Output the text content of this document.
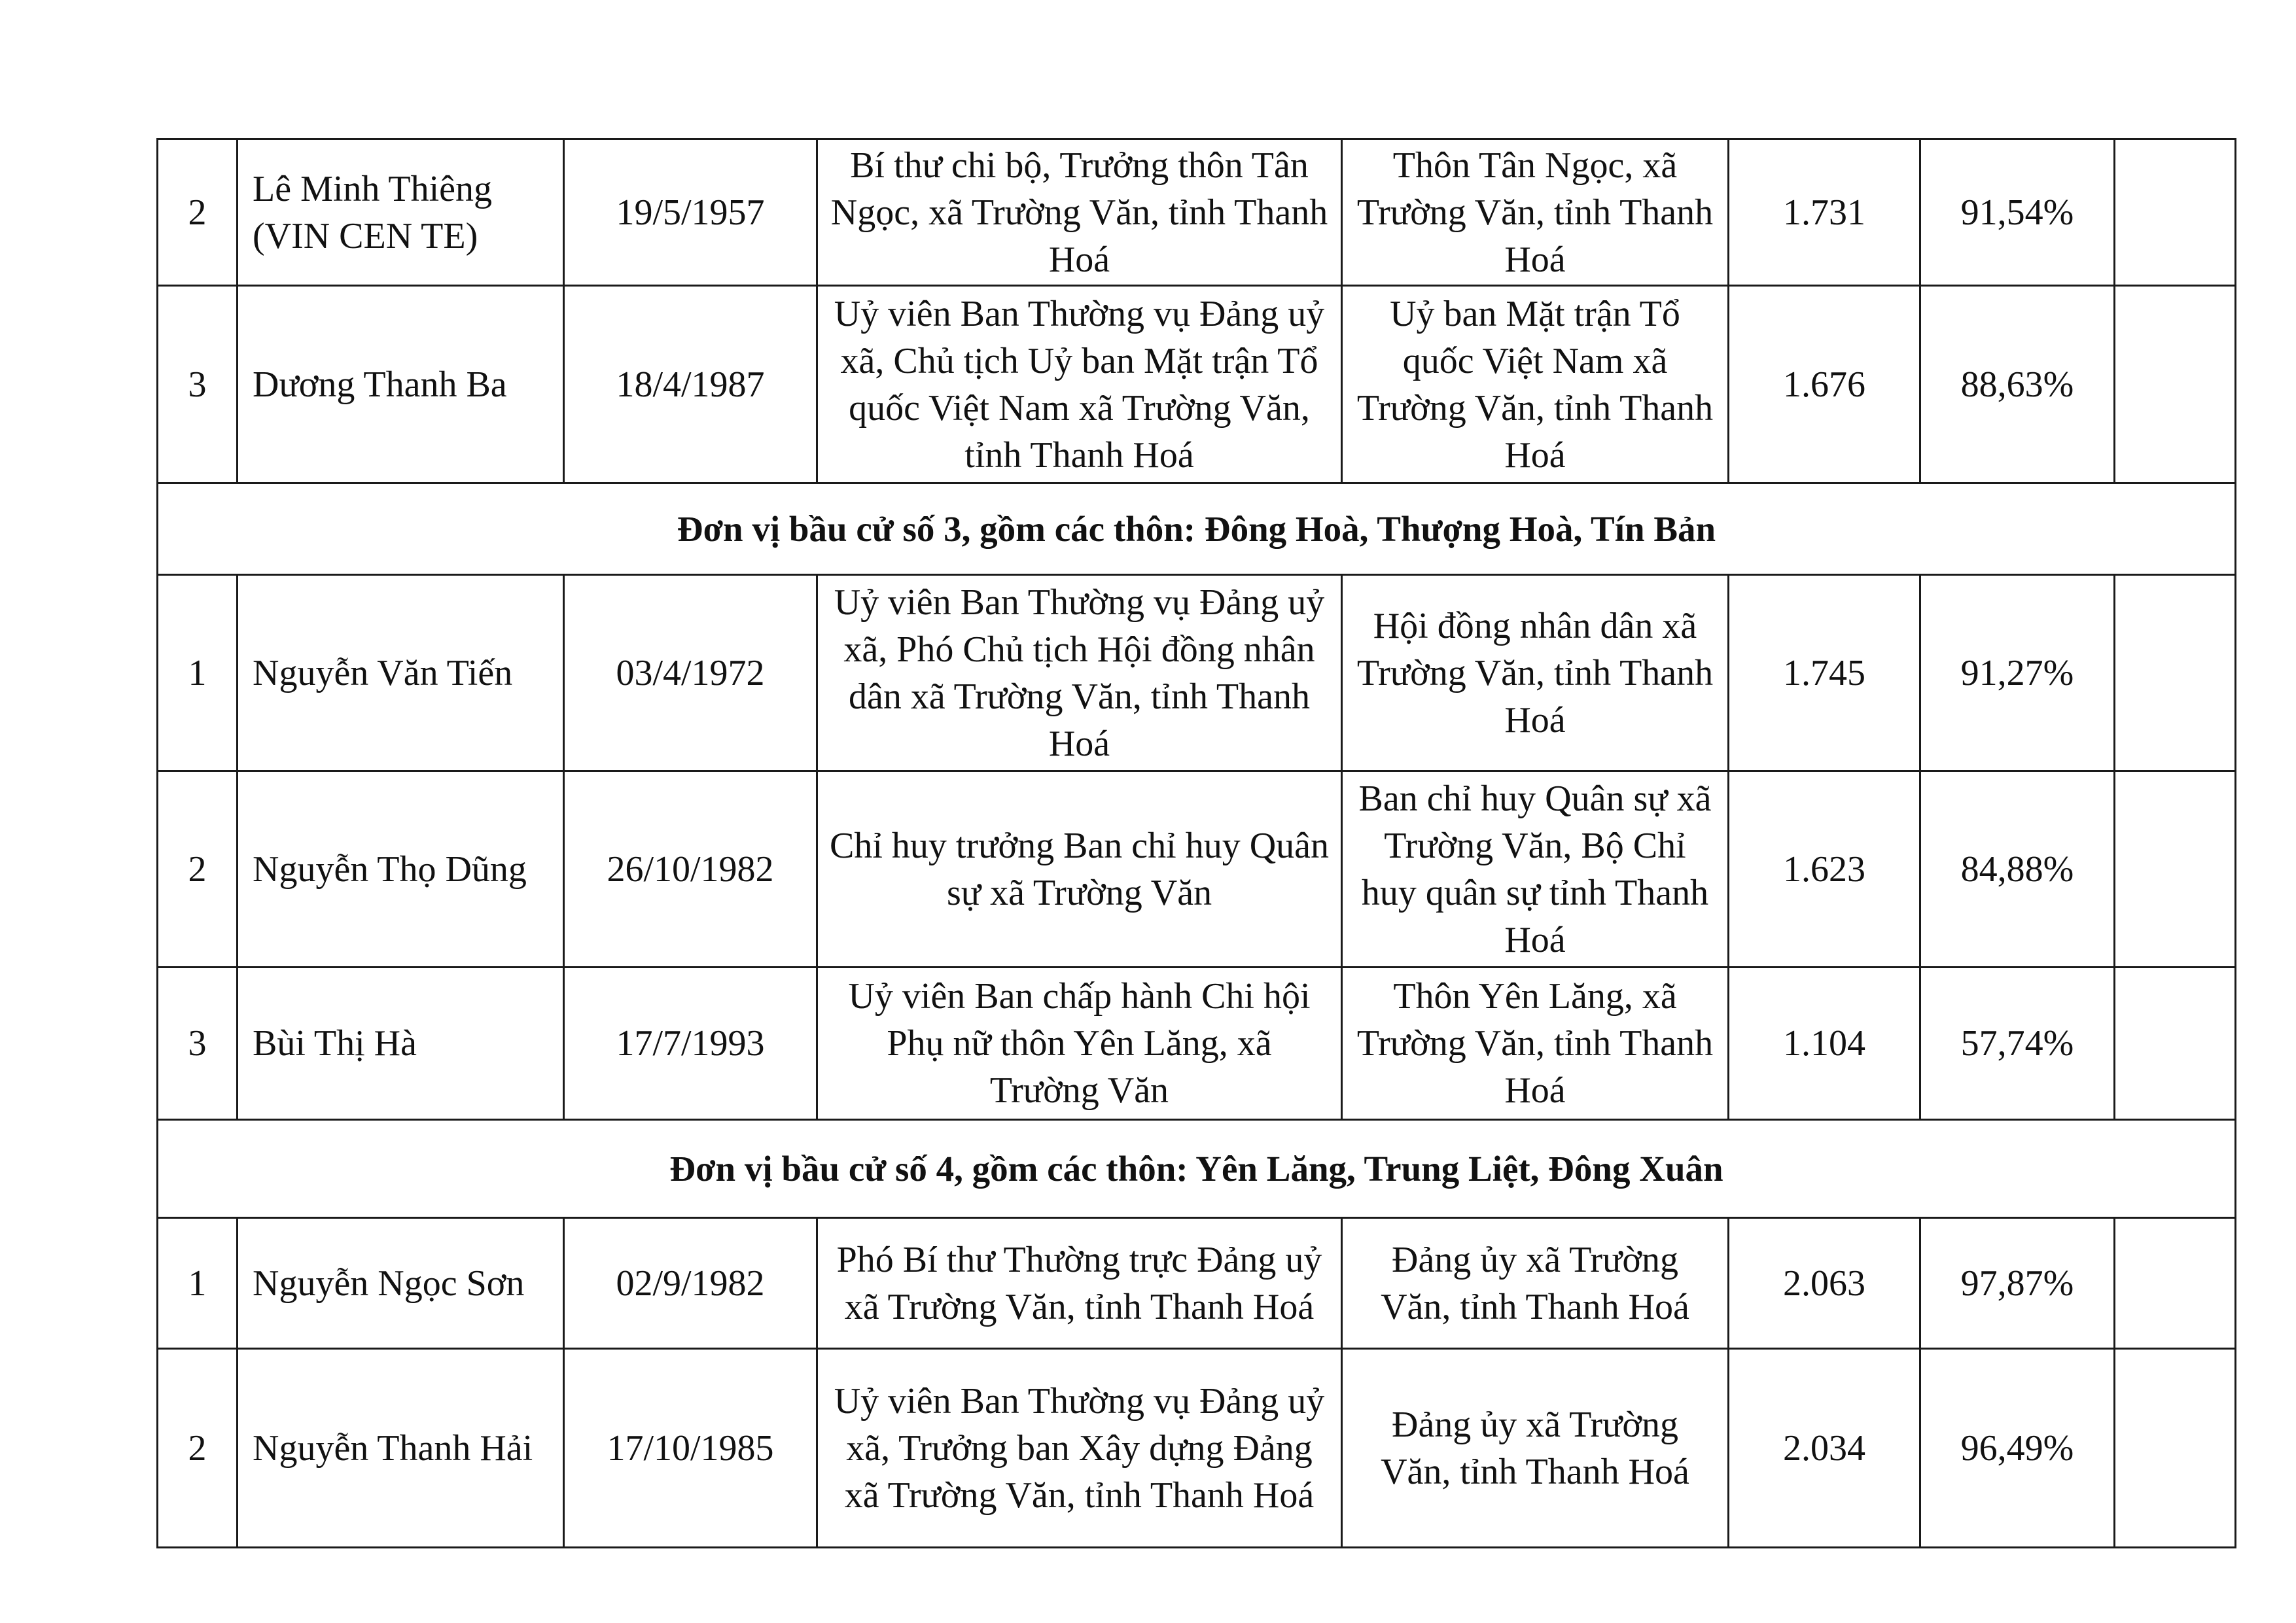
2	Lê Minh Thiêng (VIN CEN TE)	19/5/1957	Bí thư chi bộ, Trưởng thôn Tân Ngọc, xã Trường Văn, tỉnh Thanh Hoá	Thôn Tân Ngọc, xã Trường Văn, tỉnh Thanh Hoá	1.731	91,54%	
3	Dương Thanh Ba	18/4/1987	Uỷ viên Ban Thường vụ Đảng uỷ xã, Chủ tịch Uỷ ban Mặt trận Tổ quốc Việt Nam xã Trường Văn, tỉnh Thanh Hoá	Uỷ ban Mặt trận Tổ quốc Việt Nam xã Trường Văn, tỉnh Thanh Hoá	1.676	88,63%	
Đơn vị bầu cử số 3, gồm các thôn: Đông Hoà, Thượng Hoà, Tín Bản							
1	Nguyễn Văn Tiến	03/4/1972	Uỷ viên Ban Thường vụ Đảng uỷ xã, Phó Chủ tịch Hội đồng nhân dân xã Trường Văn, tỉnh Thanh Hoá	Hội đồng nhân dân xã Trường Văn, tỉnh Thanh Hoá	1.745	91,27%	
2	Nguyễn Thọ Dũng	26/10/1982	Chỉ huy trưởng Ban chỉ huy Quân sự xã Trường Văn	Ban chỉ huy Quân sự xã Trường Văn, Bộ Chỉ huy quân sự tỉnh Thanh Hoá	1.623	84,88%	
3	Bùi Thị Hà	17/7/1993	Uỷ viên Ban chấp hành Chi hội Phụ nữ thôn Yên Lăng, xã Trường Văn	Thôn Yên Lăng, xã Trường Văn, tỉnh Thanh Hoá	1.104	57,74%	
Đơn vị bầu cử số 4, gồm các thôn: Yên Lăng, Trung Liệt, Đông Xuân							
1	Nguyễn Ngọc Sơn	02/9/1982	Phó Bí thư Thường trực Đảng uỷ xã Trường Văn, tỉnh Thanh Hoá	Đảng ủy xã Trường Văn, tỉnh Thanh Hoá	2.063	97,87%	
2	Nguyễn Thanh Hải	17/10/1985	Uỷ viên Ban Thường vụ Đảng uỷ xã, Trưởng ban Xây dựng Đảng xã Trường Văn, tỉnh Thanh Hoá	Đảng ủy xã Trường Văn, tỉnh Thanh Hoá	2.034	96,49%	
